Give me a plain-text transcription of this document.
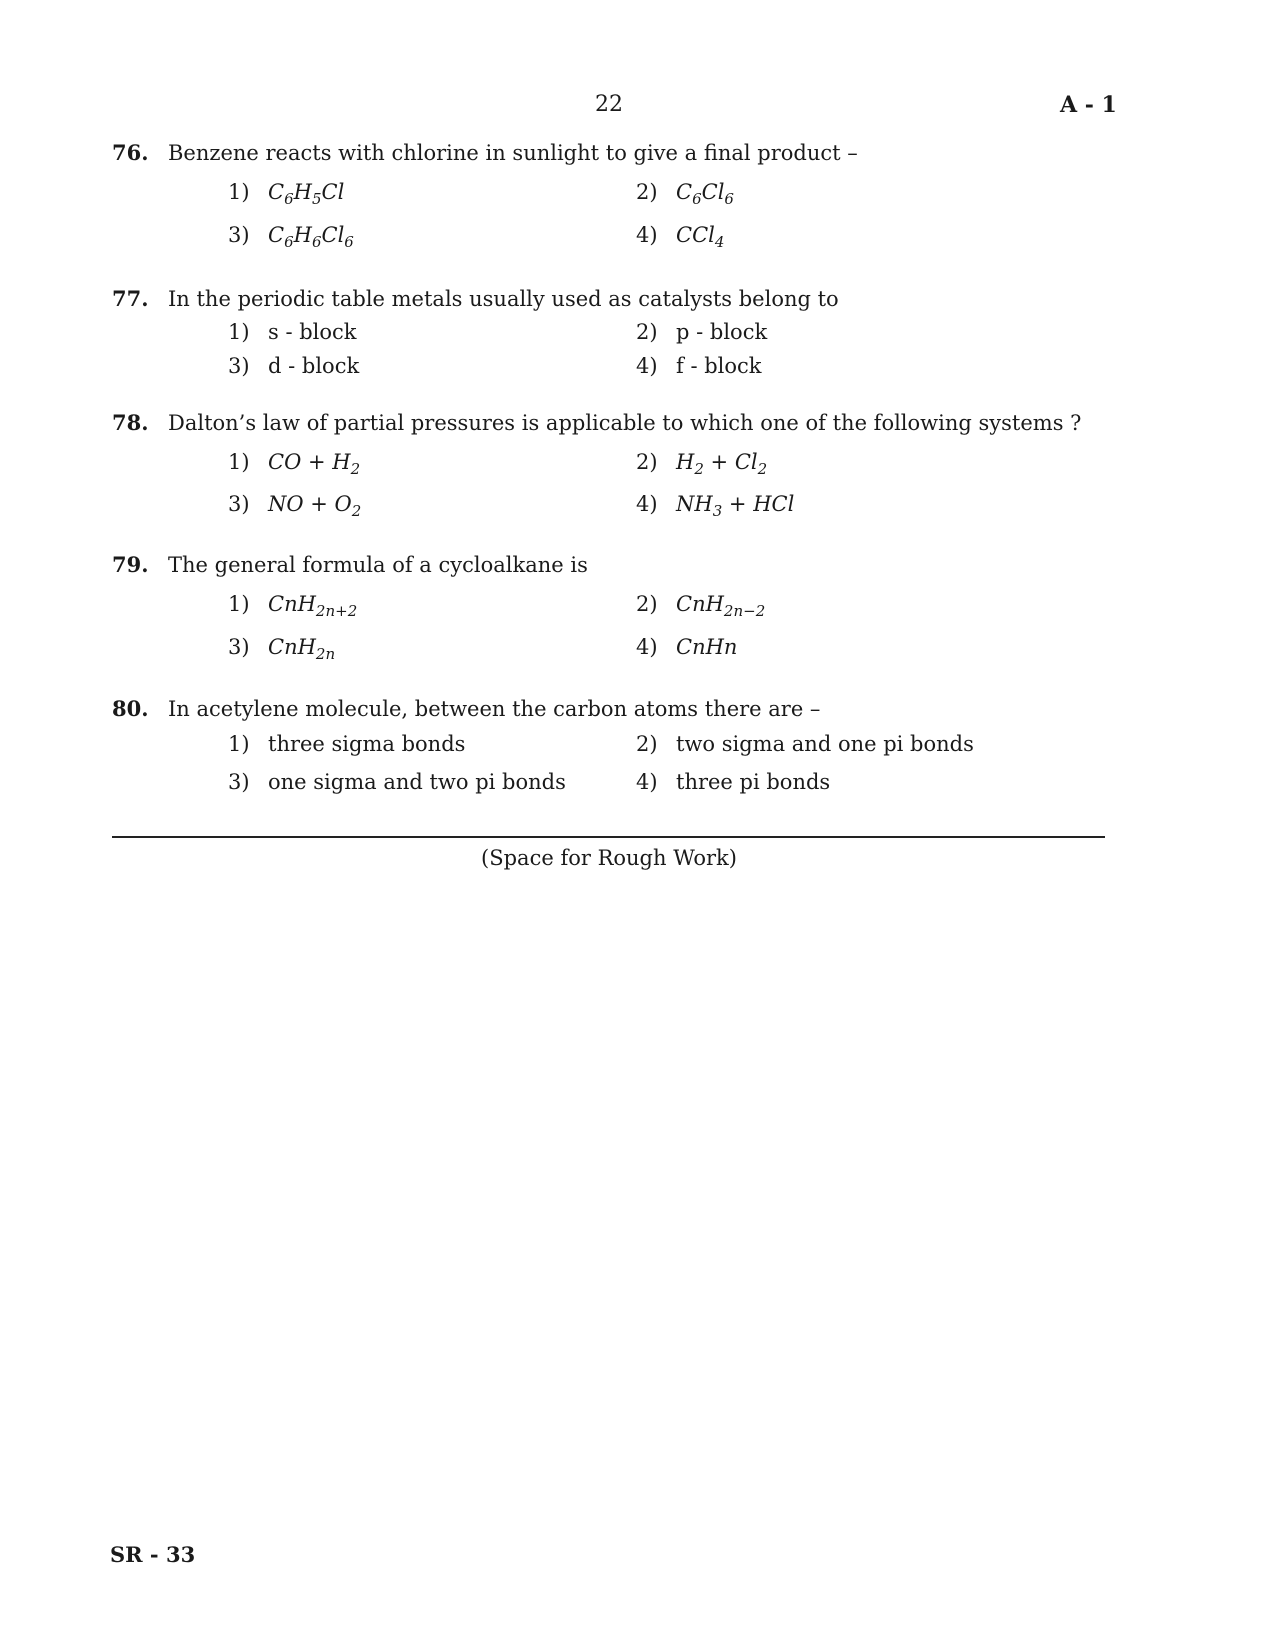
22	A - 1
76. Benzene reacts with chlorine in sunlight to give a final product –
1) $C_6H_5Cl$	2) $C_6Cl_6$
3) $C_6H_6Cl_6$	4) CCl$_4$
77. In the periodic table metals usually used as catalysts belong to
1) s - block	2) p - block
3) d - block	4) f - block
78. Dalton’s law of partial pressures is applicable to which one of the following systems ?
1) CO + $H_2$	2) $H_2 + Cl_2$
3) NO + $O_2$	4) $NH_3$ + HCl
79. The general formula of a cycloalkane is
1) CnH$_{2n+2}$	2) CnH$_{2n-2}$
3) CnH$_{2n}$	4) CnHn
80. In acetylene molecule, between the carbon atoms there are –
1) three sigma bonds	2) two sigma and one pi bonds
3) one sigma and two pi bonds	4) three pi bonds
(Space for Rough Work)
SR - 33
